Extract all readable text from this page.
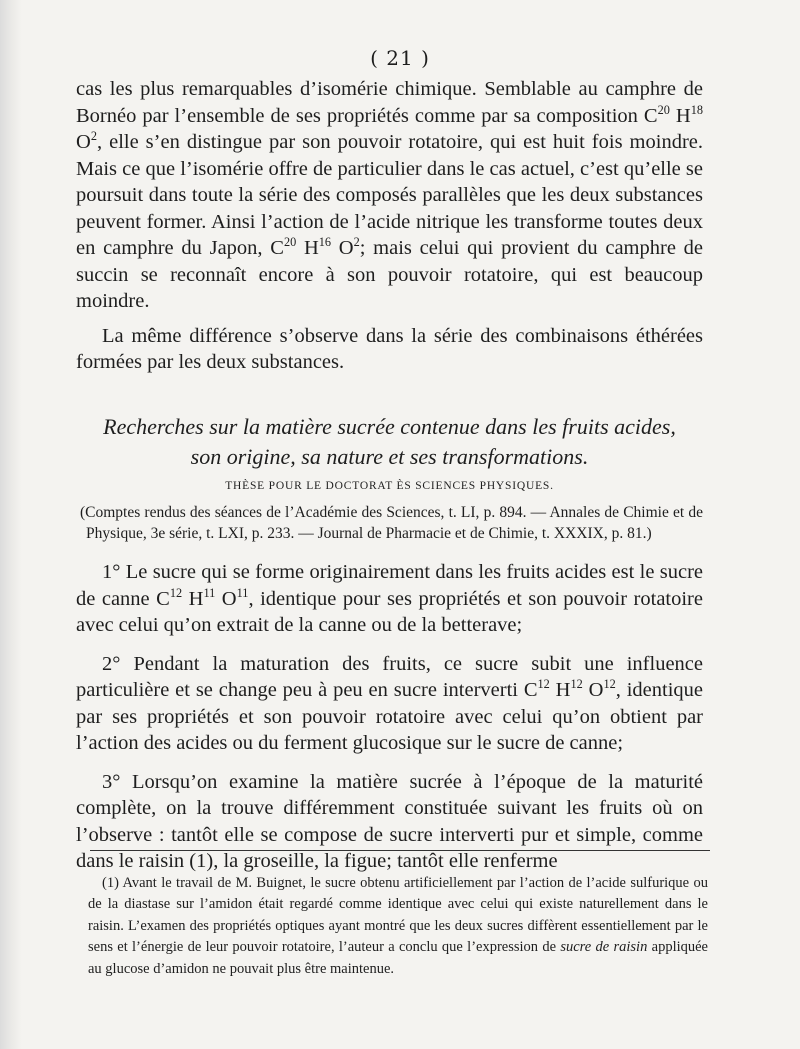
( 21 )

cas les plus remarquables d’isomérie chimique. Semblable au camphre de Bornéo par l’ensemble de ses propriétés comme par sa composition $C^{20}$ $H^{18}$ $O^2$, elle s’en distingue par son pouvoir rotatoire, qui est huit fois moindre. Mais ce que l’isomérie offre de particulier dans le cas actuel, c’est qu’elle se poursuit dans toute la série des composés parallèles que les deux substances peuvent former. Ainsi l’action de l’acide nitrique les transforme toutes deux en camphre du Japon, $C^{20}$ $H^{16}$ $O^2$; mais celui qui provient du camphre de succin se reconnaît encore à son pouvoir rotatoire, qui est beaucoup moindre.

La même différence s’observe dans la série des combinaisons éthérées formées par les deux substances.

Recherches sur la matière sucrée contenue dans les fruits acides,
son origine, sa nature et ses transformations.
THÈSE POUR LE DOCTORAT ÈS SCIENCES PHYSIQUES.

(Comptes rendus des séances de l’Académie des Sciences, t. LI, p. 894. — Annales de Chimie et de Physique, 3e série, t. LXI, p. 233. — Journal de Pharmacie et de Chimie, t. XXXIX, p. 81.)

1° Le sucre qui se forme originairement dans les fruits acides est le sucre de canne $C^{12}$ $H^{11}$ $O^{11}$, identique pour ses propriétés et son pouvoir rotatoire avec celui qu’on extrait de la canne ou de la betterave;

2° Pendant la maturation des fruits, ce sucre subit une influence particulière et se change peu à peu en sucre interverti $C^{12}$ $H^{12}$ $O^{12}$, identique par ses propriétés et son pouvoir rotatoire avec celui qu’on obtient par l’action des acides ou du ferment glucosique sur le sucre de canne;

3° Lorsqu’on examine la matière sucrée à l’époque de la maturité complète, on la trouve différemment constituée suivant les fruits où on l’observe : tantôt elle se compose de sucre interverti pur et simple, comme dans le raisin (1), la groseille, la figue; tantôt elle renferme

(1) Avant le travail de M. Buignet, le sucre obtenu artificiellement par l’action de l’acide sulfurique ou de la diastase sur l’amidon était regardé comme identique avec celui qui existe naturellement dans le raisin. L’examen des propriétés optiques ayant montré que les deux sucres diffèrent essentiellement par le sens et l’énergie de leur pouvoir rotatoire, l’auteur a conclu que l’expression de sucre de raisin appliquée au glucose d’amidon ne pouvait plus être maintenue.
